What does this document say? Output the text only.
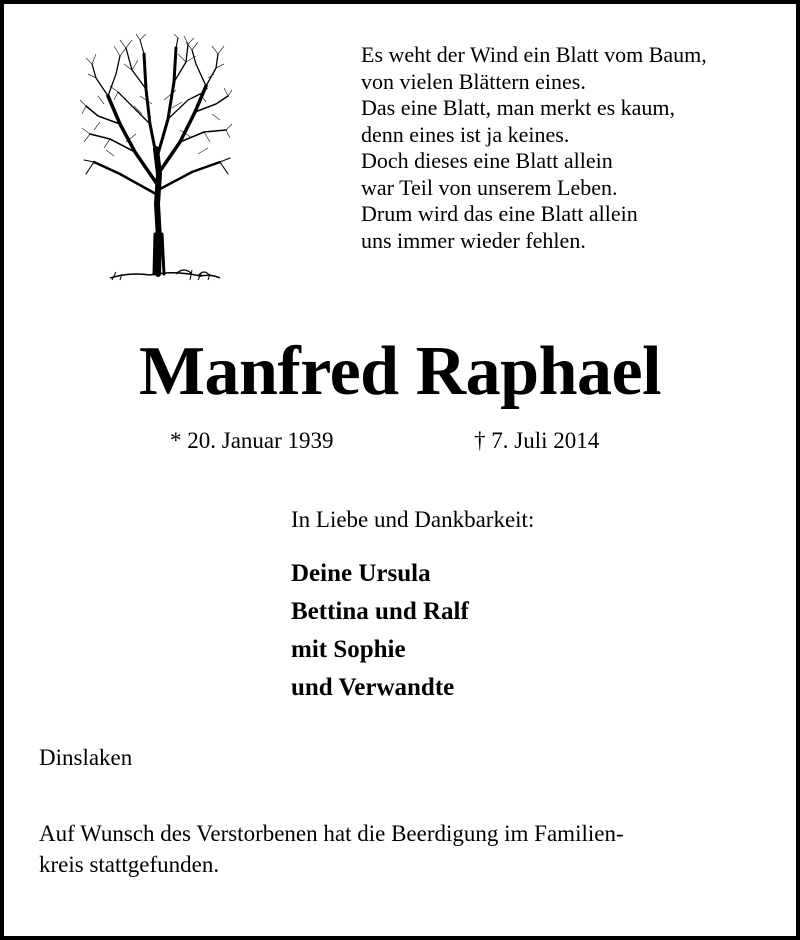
Es weht der Wind ein Blatt vom Baum,
von vielen Blättern eines.
Das eine Blatt, man merkt es kaum,
denn eines ist ja keines.
Doch dieses eine Blatt allein
war Teil von unserem Leben.
Drum wird das eine Blatt allein
uns immer wieder fehlen.
Manfred Raphael
* 20. Januar 1939	† 7. Juli 2014
In Liebe und Dankbarkeit:
Deine Ursula
Bettina und Ralf
mit Sophie
und Verwandte
Dinslaken
Auf Wunsch des Verstorbenen hat die Beerdigung im Familien-
kreis stattgefunden.
